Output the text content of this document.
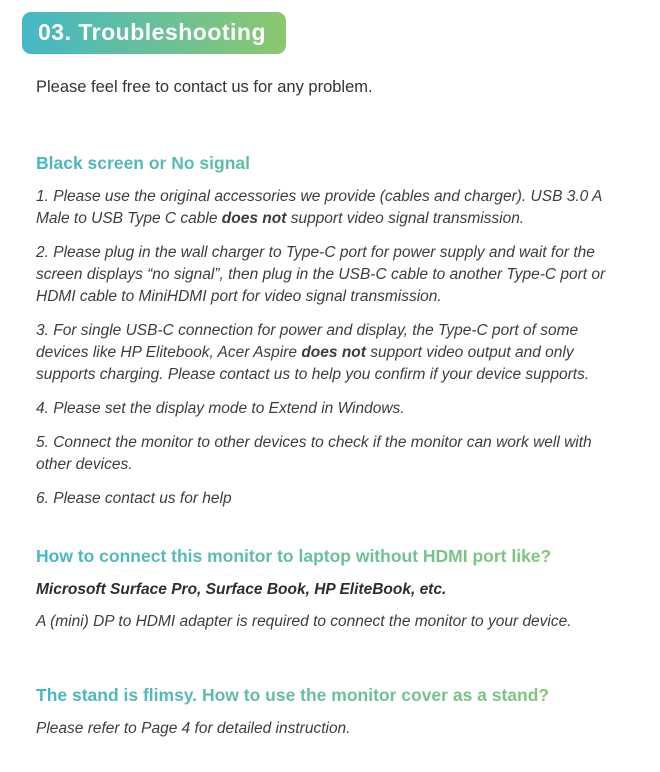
03. Troubleshooting

Please feel free to contact us for any problem.

Black screen or No signal

1. Please use the original accessories we provide (cables and charger). USB 3.0 A Male to USB Type C cable does not support video signal transmission.

2. Please plug in the wall charger to Type-C port for power supply and wait for the screen displays “no signal”, then plug in the USB-C cable to another Type-C port or HDMI cable to MiniHDMI port for video signal transmission.

3. For single USB-C connection for power and display, the Type-C port of some devices like HP Elitebook, Acer Aspire does not support video output and only supports charging. Please contact us to help you confirm if your device supports.

4. Please set the display mode to Extend in Windows.

5. Connect the monitor to other devices to check if the monitor can work well with other devices.

6. Please contact us for help

How to connect this monitor to laptop without HDMI port like?

Microsoft Surface Pro, Surface Book, HP EliteBook, etc.

A (mini) DP to HDMI adapter is required to connect the monitor to your device.

The stand is flimsy. How to use the monitor cover as a stand?

Please refer to Page 4 for detailed instruction.
